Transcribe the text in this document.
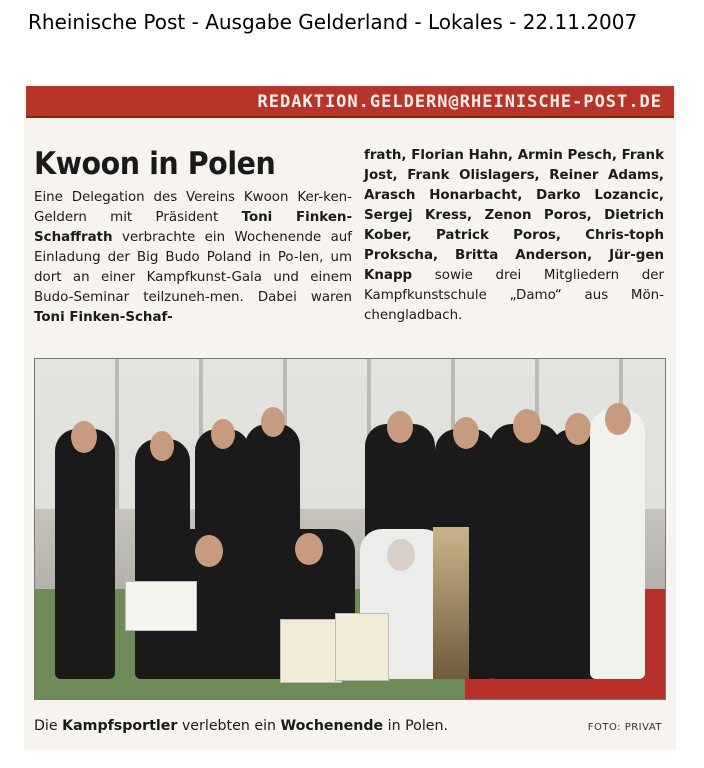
Rheinische Post - Ausgabe Gelderland - Lokales - 22.11.2007
REDAKTION.GELDERN@RHEINISCHE-POST.DE
Kwoon in Polen
Eine Delegation des Vereins Kwoon Ker-ken-Geldern mit Präsident Toni Finken-Schaffrath verbrachte ein Wochenende auf Einladung der Big Budo Poland in Po-len, um dort an einer Kampfkunst-Gala und einem Budo-Seminar teilzuneh-men. Dabei waren Toni Finken-Schaf-
frath, Florian Hahn, Armin Pesch, Frank Jost, Frank Olislagers, Reiner Adams, Arasch Honarbacht, Darko Lozancic, Sergej Kress, Zenon Poros, Dietrich Kober, Patrick Poros, Chris-toph Prokscha, Britta Anderson, Jür-gen Knapp sowie drei Mitgliedern der Kampfkunstschule „Damo“ aus Mön-chengladbach.
Die Kampfsportler verlebten ein Wochenende in Polen.	FOTO: PRIVAT
